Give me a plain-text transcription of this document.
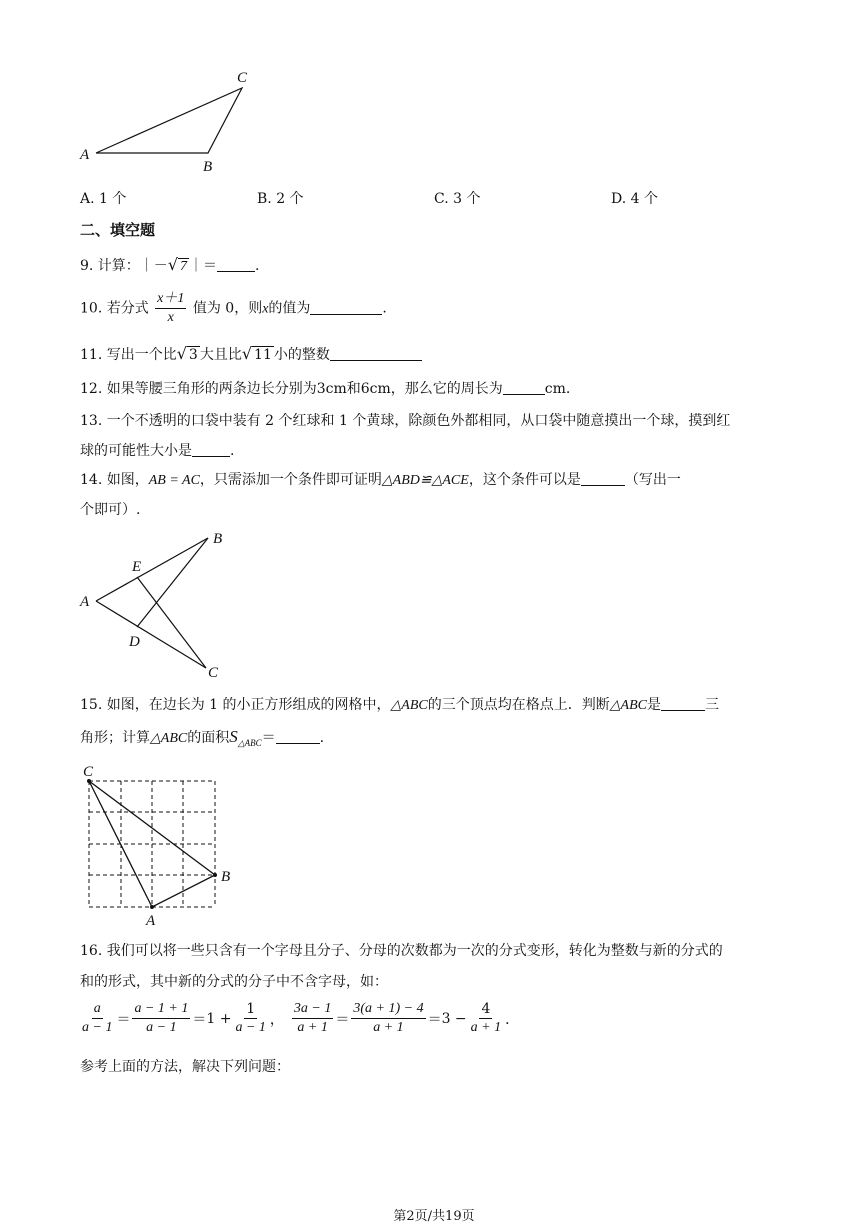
A
B
C
A. 1 个	B. 2 个	C. 3 个	D. 4 个
二、填空题
9. 计算：｜－√ 7 ｜＝	.
10. 若分式 $\frac{x+1}{x}$ 值为 0，则x的值为	.
11. 写出一个比√ 3 大且比√ 11 小的整数
12. 如果等腰三角形的两条边长分别为3cm和6cm，那么它的周长为	cm.
13. 一个不透明的口袋中装有 2 个红球和 1 个黄球，除颜色外都相同，从口袋中随意摸出一个球，摸到红
球的可能性大小是	.
14. 如图，AB = AC，只需添加一个条件即可证明△ABD≌△ACE，这个条件可以是	（写出一
个即可）.
A
B
C
D
E
15. 如图，在边长为 1 的小正方形组成的网格中，△ABC的三个顶点均在格点上．判断△ABC是	三
角形；计算△ABC的面积$S_{\triangle ABC}=$	.
C
B
A
16. 我们可以将一些只含有一个字母且分子、分母的次数都为一次的分式变形，转化为整数与新的分式的
和的形式，其中新的分式的分子中不含字母，如：
$\frac{a}{a - 1} = \frac{a - 1 + 1}{a - 1} = 1 + \frac{1}{a - 1}$ ， $\frac{3a - 1}{a + 1} = \frac{3(a + 1) - 4}{a + 1} = 3 - \frac{4}{a + 1}$ ．
参考上面的方法，解决下列问题：
第2页/共19页
